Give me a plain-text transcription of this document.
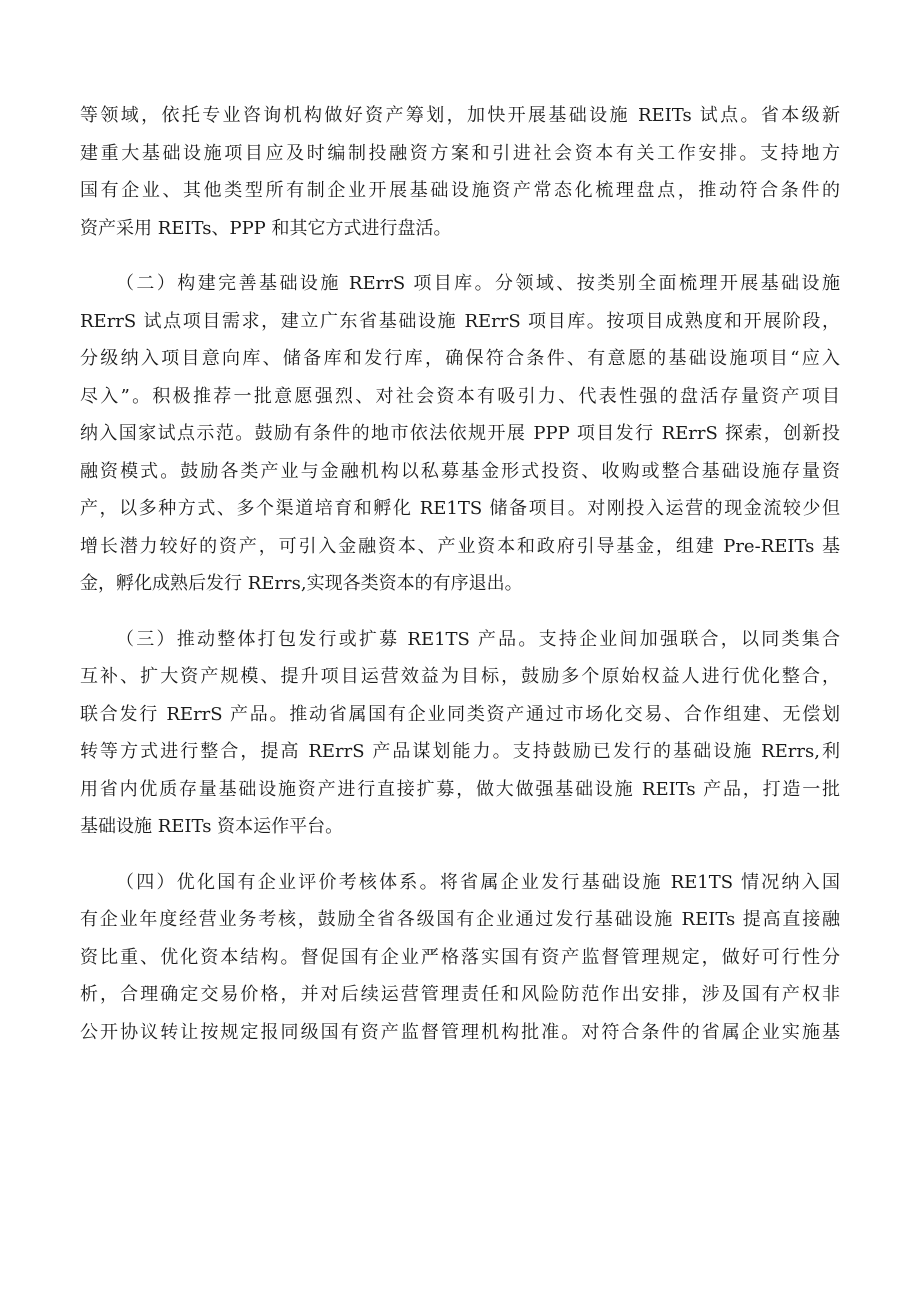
等领域，依托专业咨询机构做好资产筹划，加快开展基础设施 REITs 试点。省本级新
建重大基础设施项目应及时编制投融资方案和引进社会资本有关工作安排。支持地方
国有企业、其他类型所有制企业开展基础设施资产常态化梳理盘点，推动符合条件的
资产采用 REITs、PPP 和其它方式进行盘活。

（二）构建完善基础设施 RErrS 项目库。分领域、按类别全面梳理开展基础设施
RErrS 试点项目需求，建立广东省基础设施 RErrS 项目库。按项目成熟度和开展阶段，
分级纳入项目意向库、储备库和发行库，确保符合条件、有意愿的基础设施项目“应入
尽入”。积极推荐一批意愿强烈、对社会资本有吸引力、代表性强的盘活存量资产项目
纳入国家试点示范。鼓励有条件的地市依法依规开展 PPP 项目发行 RErrS 探索，创新投
融资模式。鼓励各类产业与金融机构以私募基金形式投资、收购或整合基础设施存量资
产，以多种方式、多个渠道培育和孵化 RE1TS 储备项目。对刚投入运营的现金流较少但
增长潜力较好的资产，可引入金融资本、产业资本和政府引导基金，组建 Pre-REITs 基
金，孵化成熟后发行 RErrs,实现各类资本的有序退出。

（三）推动整体打包发行或扩募 RE1TS 产品。支持企业间加强联合，以同类集合
互补、扩大资产规模、提升项目运营效益为目标，鼓励多个原始权益人进行优化整合，
联合发行 RErrS 产品。推动省属国有企业同类资产通过市场化交易、合作组建、无偿划
转等方式进行整合，提高 RErrS 产品谋划能力。支持鼓励已发行的基础设施 RErrs,利
用省内优质存量基础设施资产进行直接扩募，做大做强基础设施 REITs 产品，打造一批
基础设施 REITs 资本运作平台。

（四）优化国有企业评价考核体系。将省属企业发行基础设施 RE1TS 情况纳入国
有企业年度经营业务考核，鼓励全省各级国有企业通过发行基础设施 REITs 提高直接融
资比重、优化资本结构。督促国有企业严格落实国有资产监督管理规定，做好可行性分
析，合理确定交易价格，并对后续运营管理责任和风险防范作出安排，涉及国有产权非
公开协议转让按规定报同级国有资产监督管理机构批准。对符合条件的省属企业实施基
